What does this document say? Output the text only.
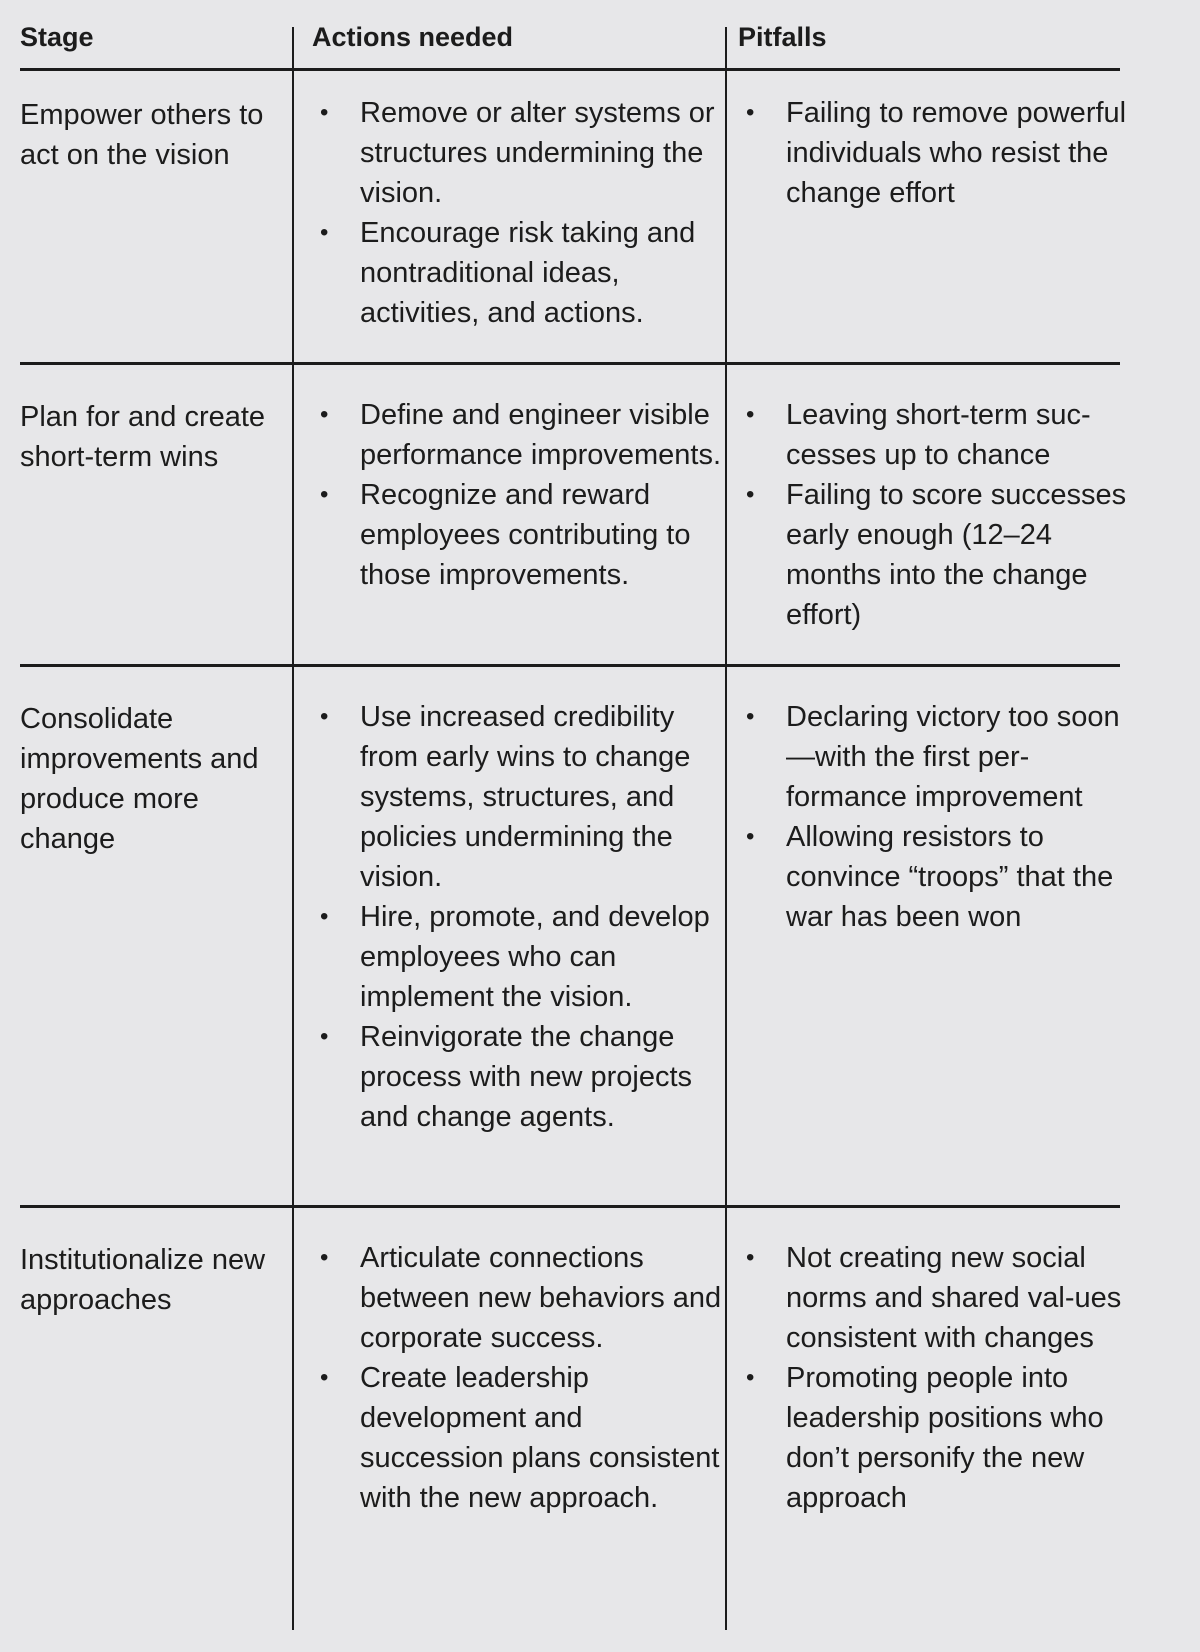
Stage	Actions needed	Pitfalls
Empower others to act on the vision
• Remove or alter systems or structures undermining the vision.
• Encourage risk taking and nontraditional ideas, activities, and actions.
• Failing to remove powerful individuals who resist the change effort
Plan for and create short-term wins
• Define and engineer visible performance improvements.
• Recognize and reward employees contributing to those improvements.
• Leaving short-term suc-cesses up to chance
• Failing to score successes early enough (12–24 months into the change effort)
Consolidate improvements and produce more change
• Use increased credibility from early wins to change systems, structures, and policies undermining the vision.
• Hire, promote, and develop employees who can implement the vision.
• Reinvigorate the change process with new projects and change agents.
• Declaring victory too soon—with the first per-formance improvement
• Allowing resistors to convince “troops” that the war has been won
Institutionalize new approaches
• Articulate connections between new behaviors and corporate success.
• Create leadership development and succession plans consistent with the new approach.
• Not creating new social norms and shared val-ues consistent with changes
• Promoting people into leadership positions who don’t personify the new approach
